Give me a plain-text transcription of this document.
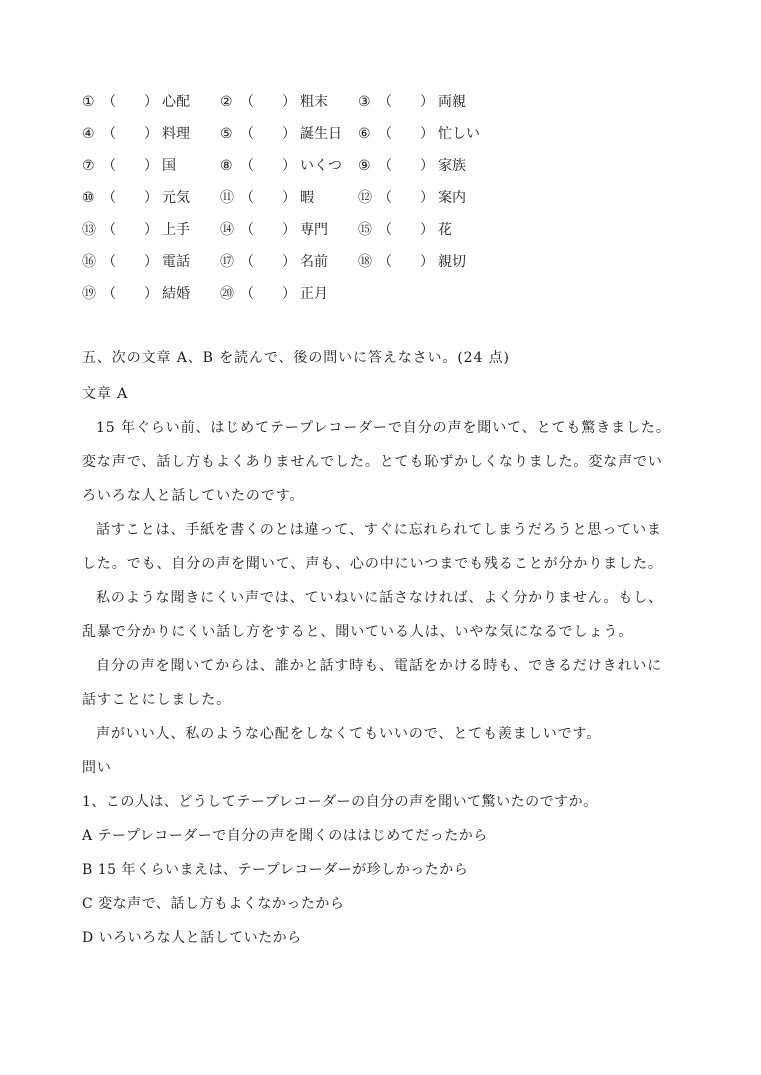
① （ ） 心配 ② （ ） 粗末 ③ （ ） 両親
④ （ ） 料理 ⑤ （ ） 誕生日 ⑥ （ ） 忙しい
⑦ （ ） 国	⑧ （ ） いくつ ⑨ （ ） 家族
⑩ （ ） 元気 ⑪ （ ） 暇	⑫ （ ） 案内
⑬ （ ） 上手 ⑭ （ ） 専門 ⑮ （ ） 花
⑯ （ ） 電話 ⑰ （ ） 名前 ⑱ （ ） 親切
⑲ （ ） 結婚 ⑳ （ ） 正月
五、次の文章 A、B を読んで、後の問いに答えなさい。(24 点)
文章 A
15 年ぐらい前、はじめてテープレコーダーで自分の声を聞いて、とても驚きました。
変な声で、話し方もよくありませんでした。とても恥ずかしくなりました。変な声でい
ろいろな人と話していたのです。
話すことは、手紙を書くのとは違って、すぐに忘れられてしまうだろうと思っていま
した。でも、自分の声を聞いて、声も、心の中にいつまでも残ることが分かりました。
私のような聞きにくい声では、ていねいに話さなければ、よく分かりません。もし、
乱暴で分かりにくい話し方をすると、聞いている人は、いやな気になるでしょう。
自分の声を聞いてからは、誰かと話す時も、電話をかける時も、できるだけきれいに
話すことにしました。
声がいい人、私のような心配をしなくてもいいので、とても羨ましいです。
問い
1、この人は、どうしてテープレコーダーの自分の声を聞いて驚いたのですか。
A テープレコーダーで自分の声を聞くのははじめてだったから
B 15 年くらいまえは、テープレコーダーが珍しかったから
C 変な声で、話し方もよくなかったから
D いろいろな人と話していたから
